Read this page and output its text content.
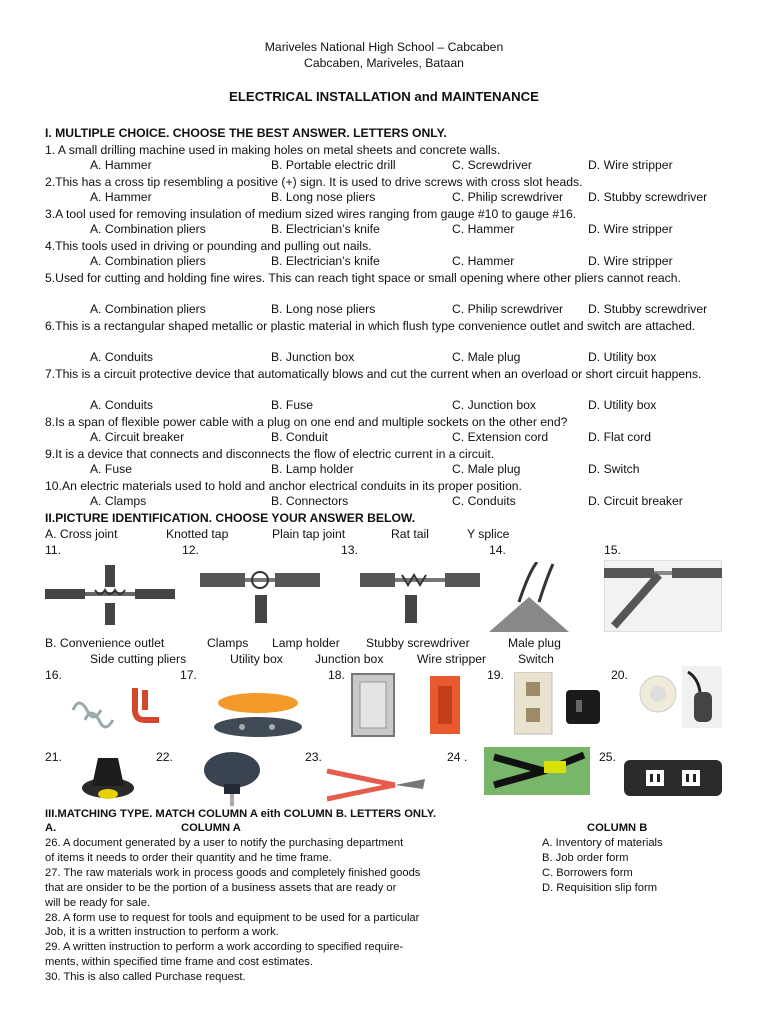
Mariveles National High School – Cabcaben
Cabcaben, Mariveles, Bataan
ELECTRICAL INSTALLATION and MAINTENANCE
I. MULTIPLE CHOICE. CHOOSE THE BEST ANSWER. LETTERS ONLY.
1. A small drilling machine used in making holes on metal sheets and concrete walls.
A. Hammer	B. Portable electric drill	C. Screwdriver	D. Wire stripper
2.This has a cross tip resembling a positive (+) sign. It is used to drive screws with cross slot heads.
A. Hammer	B. Long nose pliers	C. Philip screwdriver D. Stubby screwdriver
3.A tool used for removing insulation of medium sized wires ranging from gauge #10 to gauge #16.
A. Combination pliers	B. Electrician’s knife	C. Hammer	D. Wire stripper
4.This tools used in driving or pounding and pulling out nails.
A. Combination pliers	B. Electrician’s knife	C. Hammer	D. Wire stripper
5.Used for cutting and holding fine wires. This can reach tight space or small opening where other pliers cannot reach.
A. Combination pliers	B. Long nose pliers	C. Philip screwdriver D. Stubby screwdriver
6.This is a rectangular shaped metallic or plastic material in which flush type convenience outlet and switch are attached.
A. Conduits	B. Junction box	C. Male plug	D. Utility box
7.This is a circuit protective device that automatically blows and cut the current when an overload or short circuit happens.
A. Conduits	B. Fuse	C. Junction box	D. Utility box
8.Is a span of flexible power cable with a plug on one end and multiple sockets on the other end?
A. Circuit breaker	B. Conduit	C. Extension cord	D. Flat cord
9.It is a device that connects and disconnects the flow of electric current in a circuit.
A. Fuse	B. Lamp holder	C. Male plug	D. Switch
10.An electric materials used to hold and anchor electrical conduits in its proper position.
A. Clamps	B. Connectors	C. Conduits	D. Circuit breaker
II.PICTURE IDENTIFICATION. CHOOSE YOUR ANSWER BELOW.
A. Cross joint	Knotted tap	Plain tap joint	Rat tail	Y splice
11.	12.	13.	14.	15.
B. Convenience outlet	Clamps Lamp holder Stubby screwdriver	Male plug
Side cutting pliers	Utility box	Junction box	Wire stripper	Switch
16.	17.	18.	19.	20.
21.	22.	23.	24 .	25.
III.MATCHING TYPE. MATCH COLUMN A eith COLUMN B. LETTERS ONLY.
A.	COLUMN A	COLUMN B
26. A document generated by a user to notify the purchasing department
of items it needs to order their quantity and he time frame.
27. The raw materials work in process goods and completely finished goods
that are onsider to be the portion of a business assets that are ready or
will be ready for sale.
28. A form use to request for tools and equipment to be used for a particular
Job, it is a written instruction to perform a work.
29. A written instruction to perform a work according to specified require-
ments, within specified time frame and cost estimates.
30. This is also called Purchase request.
A. Inventory of materials
B. Job order form
C. Borrowers form
D. Requisition slip form
